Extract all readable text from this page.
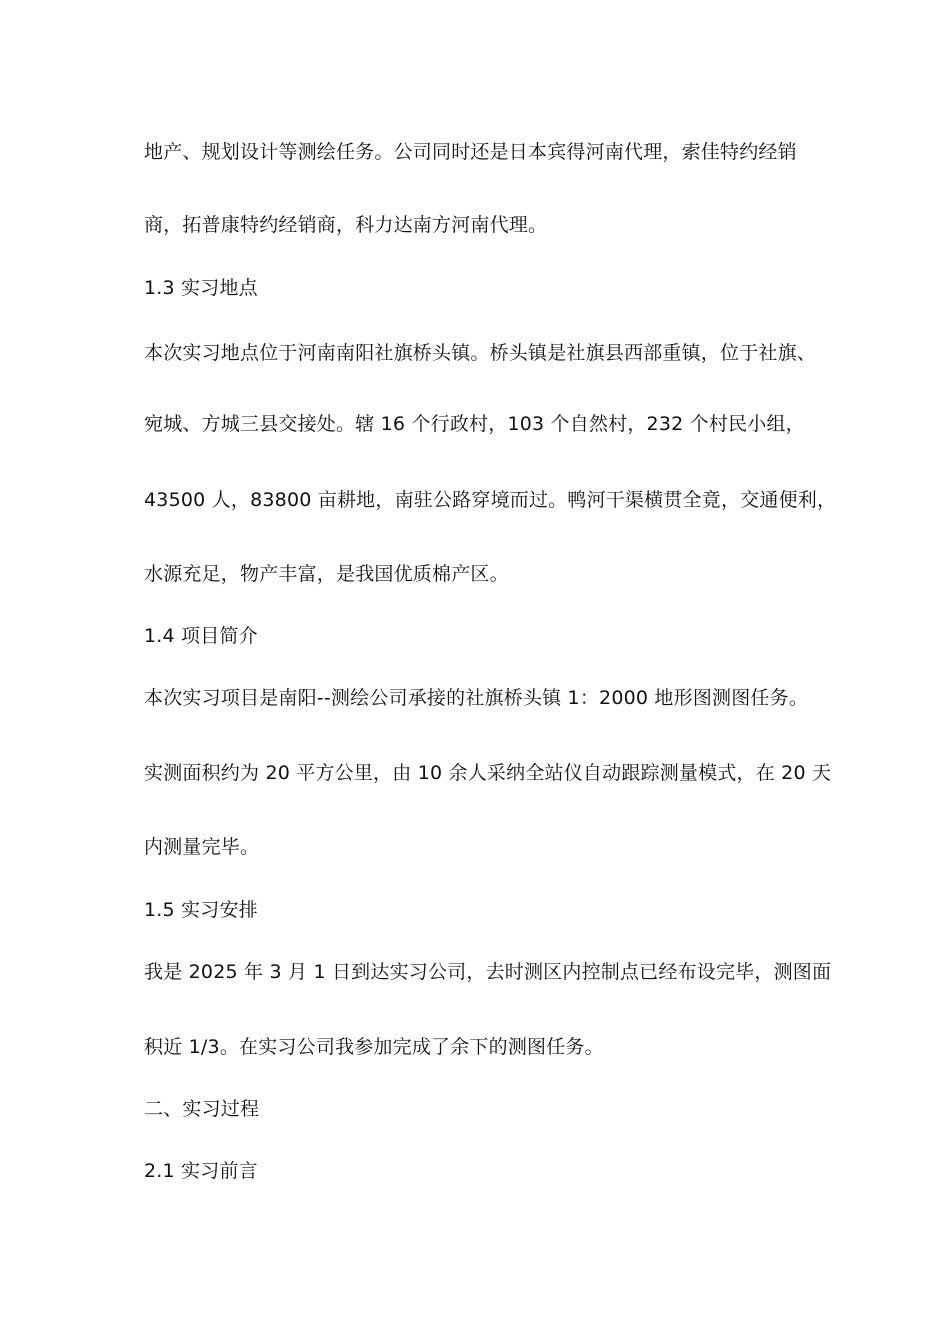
地产、规划设计等测绘任务。公司同时还是日本宾得河南代理，索佳特约经销
商，拓普康特约经销商，科力达南方河南代理。
1.3 实习地点
本次实习地点位于河南南阳社旗桥头镇。桥头镇是社旗县西部重镇，位于社旗、
宛城、方城三县交接处。辖 16 个行政村，103 个自然村，232 个村民小组，
43500 人，83800 亩耕地，南驻公路穿境而过。鸭河干渠横贯全竟，交通便利，
水源充足，物产丰富，是我国优质棉产区。
1.4 项目简介
本次实习项目是南阳--测绘公司承接的社旗桥头镇 1：2000 地形图测图任务。
实测面积约为 20 平方公里，由 10 余人采纳全站仪自动跟踪测量模式，在 20 天
内测量完毕。
1.5 实习安排
我是 2025 年 3 月 1 日到达实习公司，去时测区内控制点已经布设完毕，测图面
积近 1/3。在实习公司我参加完成了余下的测图任务。
二、实习过程
2.1 实习前言
